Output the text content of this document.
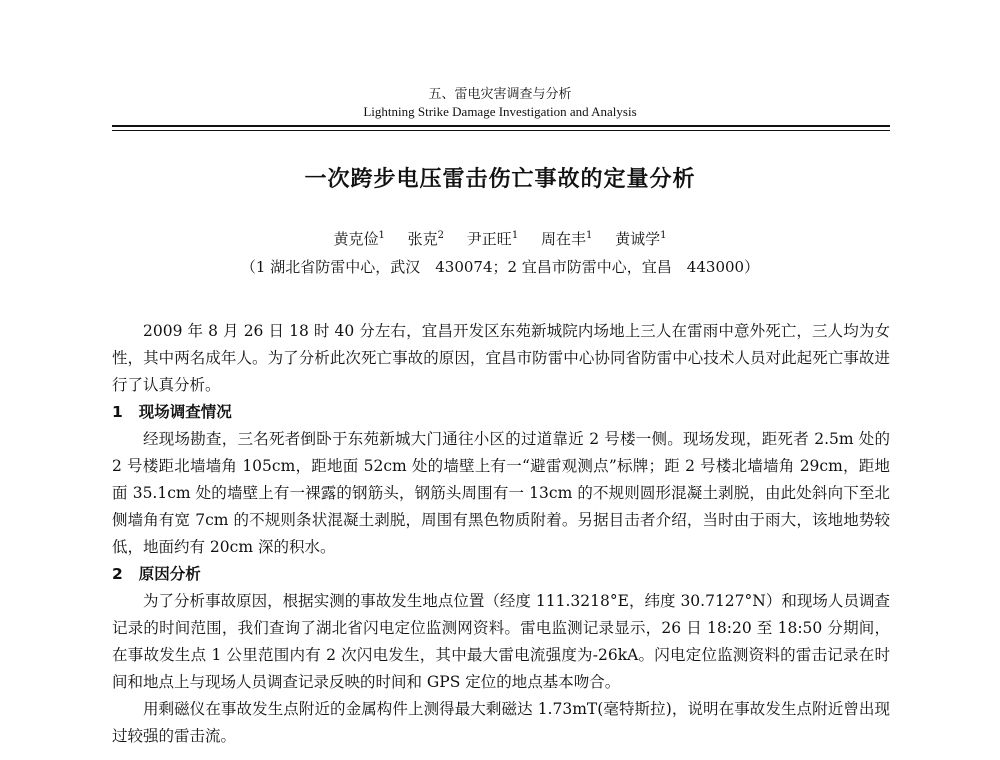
五、雷电灾害调查与分析
Lightning Strike Damage Investigation and Analysis
一次跨步电压雷击伤亡事故的定量分析
黄克俭$^1$ 张克$^2$ 尹正旺$^1$ 周在丰$^1$ 黄诚学$^1$
（1 湖北省防雷中心，武汉　430074；2 宜昌市防雷中心，宜昌　443000）

2009 年 8 月 26 日 18 时 40 分左右，宜昌开发区东苑新城院内场地上三人在雷雨中意外死亡，三人均为女性，其中两名成年人。为了分析此次死亡事故的原因，宜昌市防雷中心协同省防雷中心技术人员对此起死亡事故进行了认真分析。

1 现场调查情况

经现场勘查，三名死者倒卧于东苑新城大门通往小区的过道靠近 2 号楼一侧。现场发现，距死者 2.5m 处的 2 号楼距北墙墙角 105cm，距地面 52cm 处的墙壁上有一“避雷观测点”标牌；距 2 号楼北墙墙角 29cm，距地面 35.1cm 处的墙壁上有一裸露的钢筋头，钢筋头周围有一 13cm 的不规则圆形混凝土剥脱，由此处斜向下至北侧墙角有宽 7cm 的不规则条状混凝土剥脱，周围有黑色物质附着。另据目击者介绍，当时由于雨大，该地地势较低，地面约有 20cm 深的积水。

2 原因分析

为了分析事故原因，根据实测的事故发生地点位置（经度 111.3218°E，纬度 30.7127°N）和现场人员调查记录的时间范围，我们查询了湖北省闪电定位监测网资料。雷电监测记录显示，26 日 18:20 至 18:50 分期间，在事故发生点 1 公里范围内有 2 次闪电发生，其中最大雷电流强度为-26kA。闪电定位监测资料的雷击记录在时间和地点上与现场人员调查记录反映的时间和 GPS 定位的地点基本吻合。

用剩磁仪在事故发生点附近的金属构件上测得最大剩磁达 1.73mT(毫特斯拉)，说明在事故发生点附近曾出现过较强的雷击流。
